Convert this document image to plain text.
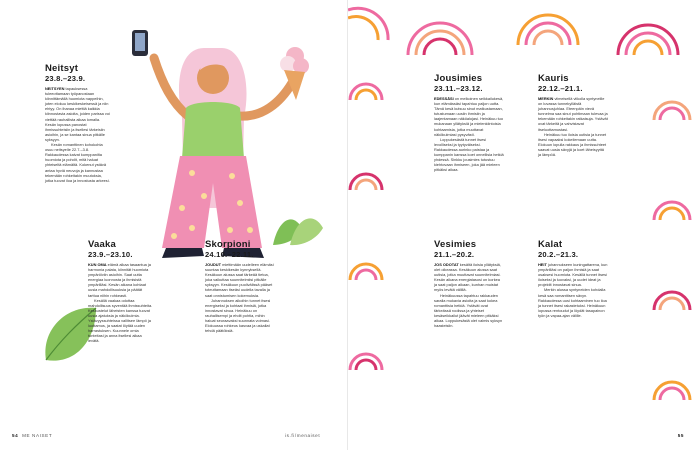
Neitsyt
23.8.–23.9.

NEITSYEN tapauksessa tuleeottamaan työpanostaan kiinnittämällä huomiota nappeihin, joten elokuu keskikeskeisessä ja niin ehtyy. On ihanaa miettiä kaikkia kiinnostavia asioita, joiden parissa voi viettää rauhallista aikaa lomalla. Kesän lopussa panostat ihmissuhteisiin ja itsellesi tärkeisiin asioihin, ja se kantaa sinua pitkälle syksyyn.

Kesän romanttinen kohokohta osuu neitsyelle 22.7.–3.8. Rakkaudessa kaivat kumppanilta huomiota ja pohdit, mitä haluat yhteiseltä elämältä. Kokenut ystävä antaa hyviä neuvoja ja kannustaa tekemään rohkeitakin muutoksia, jotka tuovat iloa ja innostusta arkeesi.

Vaaka
23.9.–23.10.

KUN OMA elämä alkaa tasaantua ja harmonia palata, kiinnität huomiota ympäröiviin asioihin. Saat uutta energiaa luonnosta ja ihmisistä ympärilläsi. Kesän aikana kohtaat uusia mahdollisuuksia ja päätät tarttua niihin rohkeasti.

Kesällä vaakaa odottaa mahdollisuus syventää ihmissuhteita. Keskustelut läheisten kanssa tuovat uusia ajatuksia ja näkökulmia. Ystävyyssuhteissa vallitsee lämpö ja luottamus, ja saatat löytää uuden harrastuksen. Kuunnele omia tunteitasi ja anna itsellesi aikaa levätä.

Skorpioni
24.10.–22.11.

JOUDUT miettimään uudelleen elämäsi suuntaa keskikesän kynnyksellä. Kesäkuun alussa saat tärkeää tietoa, joka vaikuttaa suunnitelmiisi pitkälle syksyyn. Kesäkuun puolivälissä pääset toteuttamaan itseäsi uudella tavalla ja saat onnistumisen kokemuksia.

Juhannuksen aikoihin tunnet itsesi energiseksi ja kohtaat ihmisiä, jotka innostavat sinua. Heinäkuu on rauhallisempi ja ehdit pohtia, mihin haluat seuraavaksi suunnata voimasi. Elokuussa rohkeus kasvaa ja uskallat tehdä päätöksiä.

54 ME NAISET	is.fi/menaiset
Jousimies
23.11.–23.12.

EDESSÄSI on melkoinen seikkailukesä, kun elämässäsi tapahtuu paljon uutta. Tämä kesä kutsuu sinut matkustamaan, tutustumaan uusiin ihmisiin ja laajentamaan näköalojasi. Heinäkuu tuo mukanaan yllätyksiä ja mielenkiintoisia kohtaamisia, jotka muuttavat näkökulmiasi pysyvästi.

Loppukesästä tunnet itsesi levolliseksi ja tyytyväiseksi. Rakkaudessa aurinko paistaa ja kumppanin kanssa koet onnellisia hetkiä yhdessä. Sinkku jousimies tutustuu kiehtovaan ihmiseen, joka jää mieleen pitkäksi aikaa.

Kauris
22.12.–21.1.

MERKIN viimeisellä viikolla syntyneille on luvassa tunnekylläistä juhannusjuhlaa. Eteenpäin vievä tunnelma saa sinut pohtimaan tulevaa ja tekemään rohkeitakin ratkaisuja. Ystävät ovat tärkeitä ja vahvistavat itseluottamustasi.

Heinäkuu tuo iloisia uutisia ja tunnet itsesi vapaaksi kokeilemaan uutta. Elokuun lopulla rakkaus ja ihmissuhteet saavat uusia sävyjä ja koet läheisyyttä ja lämpöä.

Vesimies
21.1.–20.2.

JOS ODOTAT kesältä iloisia yllätyksiä, olet oikeassa. Kesäkuun alussa saat uutisia, jotka muuttavat suunnitelmiasi. Kesän aikana energiatasosi on korkea ja saat paljon aikaan, kunhan muistat myös levätä välillä.

Heinäkuussa tapahtuu rakkauden saralla mukavia asioita ja saat kokea romanttisia hetkiä. Ystävät ovat tärkeässä roolissa ja yhteiset kesäseikkailut jäävät mieleen pitkäksi aikaa. Loppukesästä olet valmis syksyn haasteisiin.

Kalat
20.2.–21.3.

HEIT juhannukseen kuningattarena, kun ympärilläsi on paljon ihmisiä ja saat osaksesi huomiota. Kesällä tunnet itsesi iloiseksi ja luovaksi, ja uudet ideat ja projektit innostavat sinua.

Merkin alussa syntyneiden kohdalla kesä saa romanttisen sävyn. Rakkaudessa uusi kohtaaminen tuo iloa ja tunnet itsesi rakastetuksi. Heinäkuun lopussa rentoudut ja löydät tasapainon työn ja vapaa-ajan välille.

55
